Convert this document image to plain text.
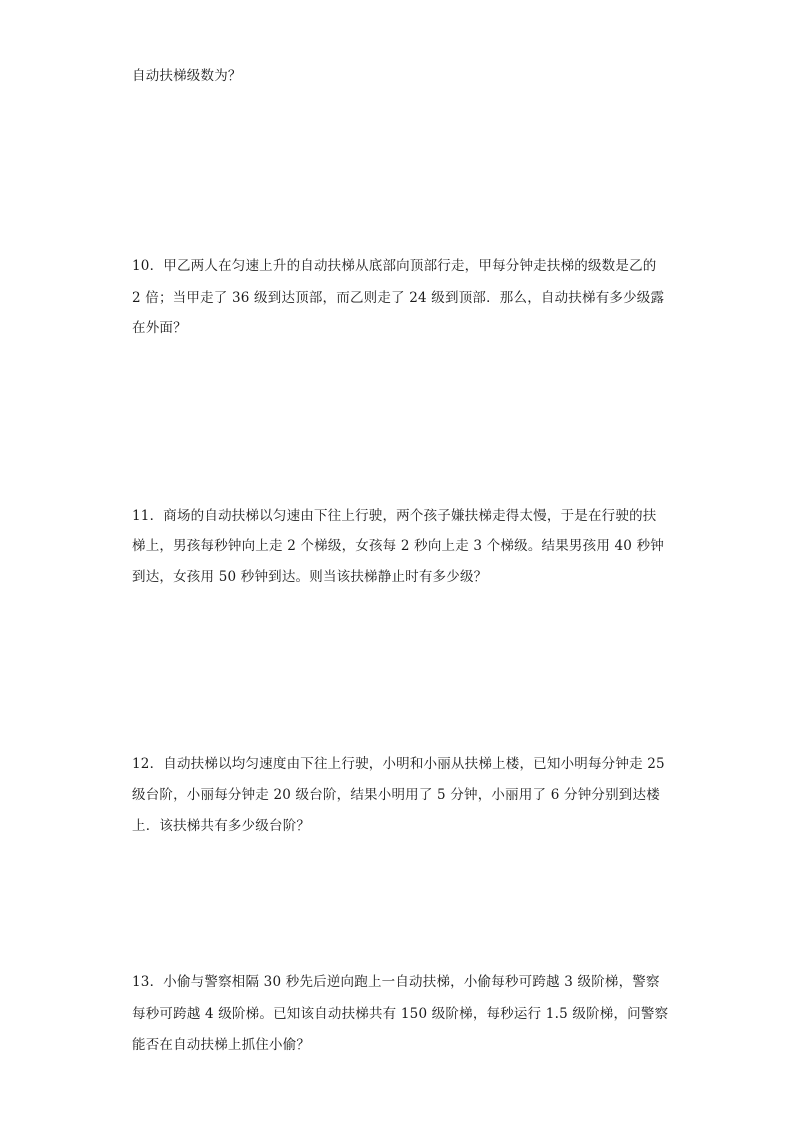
自动扶梯级数为？
10．甲乙两人在匀速上升的自动扶梯从底部向顶部行走，甲每分钟走扶梯的级数是乙的
2 倍；当甲走了 36 级到达顶部，而乙则走了 24 级到顶部．那么，自动扶梯有多少级露
在外面？
11．商场的自动扶梯以匀速由下往上行驶，两个孩子嫌扶梯走得太慢，于是在行驶的扶
梯上，男孩每秒钟向上走 2 个梯级，女孩每 2 秒向上走 3 个梯级。结果男孩用 40 秒钟
到达，女孩用 50 秒钟到达。则当该扶梯静止时有多少级？
12．自动扶梯以均匀速度由下往上行驶，小明和小丽从扶梯上楼，已知小明每分钟走 25
级台阶，小丽每分钟走 20 级台阶，结果小明用了 5 分钟，小丽用了 6 分钟分别到达楼
上．该扶梯共有多少级台阶？
13．小偷与警察相隔 30 秒先后逆向跑上一自动扶梯，小偷每秒可跨越 3 级阶梯，警察
每秒可跨越 4 级阶梯。已知该自动扶梯共有 150 级阶梯，每秒运行 1.5 级阶梯，问警察
能否在自动扶梯上抓住小偷？
